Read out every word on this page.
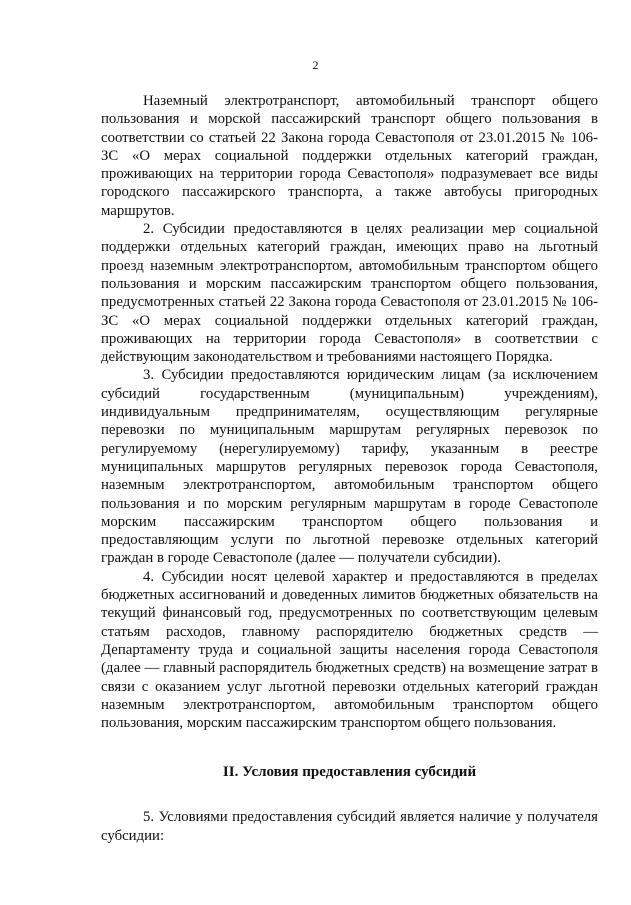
2

Наземный электротранспорт, автомобильный транспорт общего пользования и морской пассажирский транспорт общего пользования в соответствии со статьей 22 Закона города Севастополя от 23.01.2015 № 106-ЗС «О мерах социальной поддержки отдельных категорий граждан, проживающих на территории города Севастополя» подразумевает все виды городского пассажирского транспорта, а также автобусы пригородных маршрутов.

2. Субсидии предоставляются в целях реализации мер социальной поддержки отдельных категорий граждан, имеющих право на льготный проезд наземным электротранспортом, автомобильным транспортом общего пользования и морским пассажирским транспортом общего пользования, предусмотренных статьей 22 Закона города Севастополя от 23.01.2015 № 106-ЗС «О мерах социальной поддержки отдельных категорий граждан, проживающих на территории города Севастополя» в соответствии с действующим законодательством и требованиями настоящего Порядка.

3. Субсидии предоставляются юридическим лицам (за исключением субсидий государственным (муниципальным) учреждениям), индивидуальным предпринимателям, осуществляющим регулярные перевозки по муниципальным маршрутам регулярных перевозок по регулируемому (нерегулируемому) тарифу, указанным в реестре муниципальных маршрутов регулярных перевозок города Севастополя, наземным электротранспортом, автомобильным транспортом общего пользования и по морским регулярным маршрутам в городе Севастополе морским пассажирским транспортом общего пользования и предоставляющим услуги по льготной перевозке отдельных категорий граждан в городе Севастополе (далее — получатели субсидии).

4. Субсидии носят целевой характер и предоставляются в пределах бюджетных ассигнований и доведенных лимитов бюджетных обязательств на текущий финансовый год, предусмотренных по соответствующим целевым статьям расходов, главному распорядителю бюджетных средств — Департаменту труда и социальной защиты населения города Севастополя (далее — главный распорядитель бюджетных средств) на возмещение затрат в связи с оказанием услуг льготной перевозки отдельных категорий граждан наземным электротранспортом, автомобильным транспортом общего пользования, морским пассажирским транспортом общего пользования.

II. Условия предоставления субсидий

5. Условиями предоставления субсидий является наличие у получателя субсидии:
